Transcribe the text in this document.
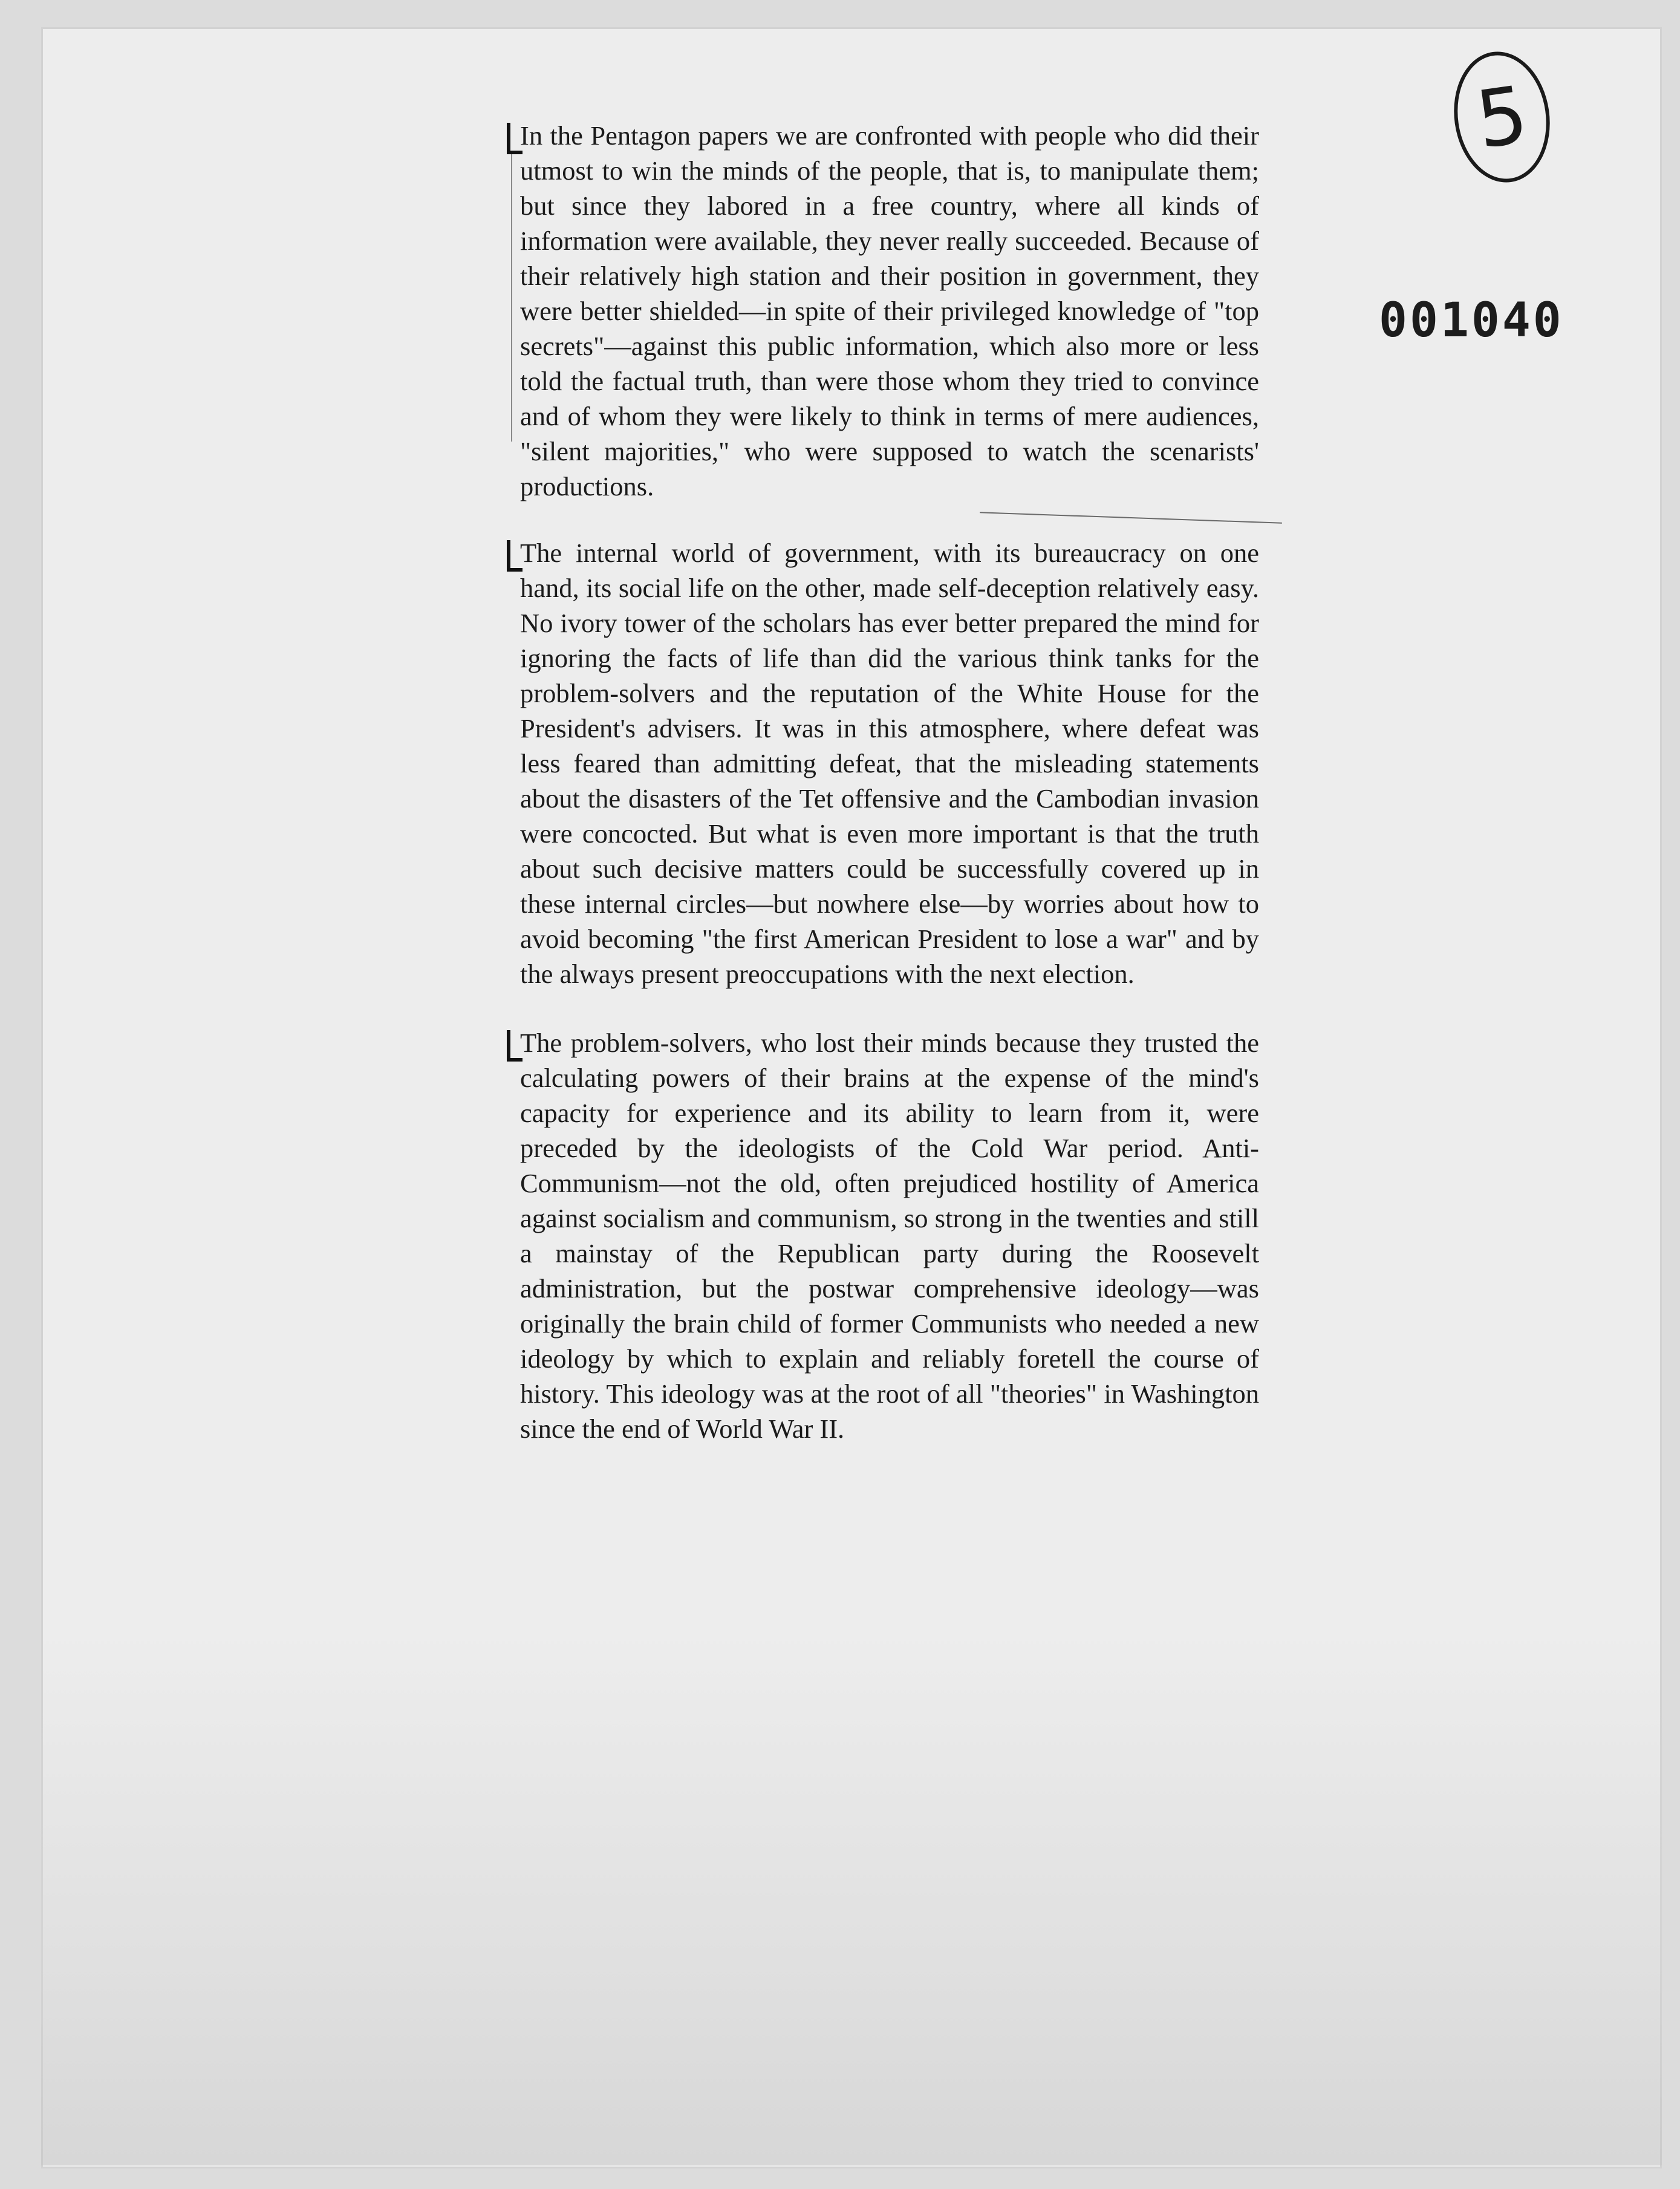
5
001040

In the Pentagon papers we are confronted with people who did their utmost to win the minds of the people, that is, to manipulate them; but since they labored in a free country, where all kinds of information were available, they never really succeeded. Because of their relatively high station and their position in government, they were better shielded—in spite of their privileged knowledge of "top secrets"—against this public information, which also more or less told the factual truth, than were those whom they tried to convince and of whom they were likely to think in terms of mere audiences, "silent majorities," who were supposed to watch the scenarists' productions.

The internal world of government, with its bureaucracy on one hand, its social life on the other, made self-deception relatively easy. No ivory tower of the scholars has ever better prepared the mind for ignoring the facts of life than did the various think tanks for the problem-solvers and the reputation of the White House for the President's advisers. It was in this atmosphere, where defeat was less feared than admitting defeat, that the misleading statements about the disasters of the Tet offensive and the Cambodian invasion were concocted. But what is even more important is that the truth about such decisive matters could be successfully covered up in these internal circles—but nowhere else—by worries about how to avoid becoming "the first American President to lose a war" and by the always present preoccupations with the next election.

The problem-solvers, who lost their minds because they trusted the calculating powers of their brains at the expense of the mind's capacity for experience and its ability to learn from it, were preceded by the ideologists of the Cold War period. Anti-Communism—not the old, often prejudiced hostility of America against socialism and communism, so strong in the twenties and still a mainstay of the Republican party during the Roosevelt administration, but the postwar comprehensive ideology—was originally the brain child of former Communists who needed a new ideology by which to explain and reliably foretell the course of history. This ideology was at the root of all "theories" in Washington since the end of World War II.
